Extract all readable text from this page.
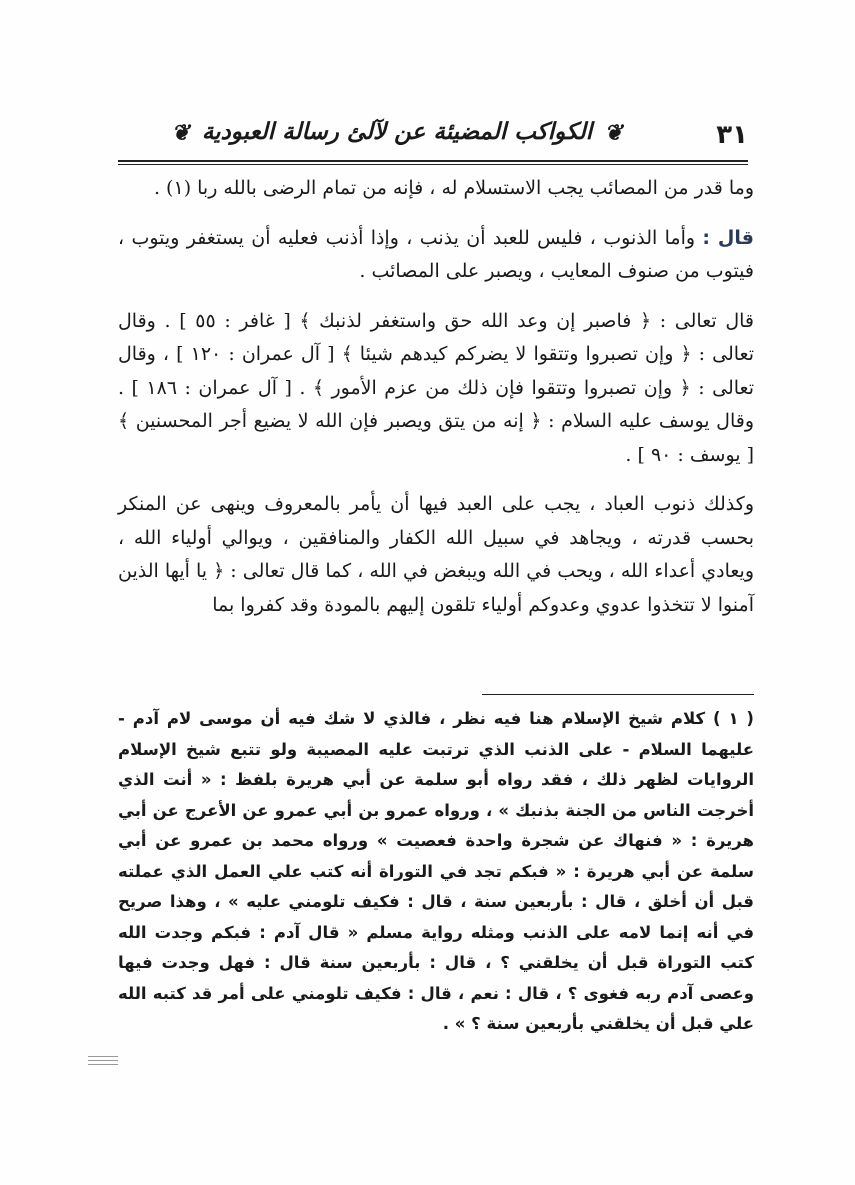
٣١
❦ الكواكب المضيئة عن لآلئ رسالة العبودية ❦

وما قدر من المصائب يجب الاستسلام له ، فإنه من تمام الرضى بالله ربا (١) .

قال : وأما الذنوب ، فليس للعبد أن يذنب ، وإذا أذنب فعليه أن يستغفر ويتوب ، فيتوب من صنوف المعايب ، ويصبر على المصائب .

قال تعالى : ﴿ فاصبر إن وعد الله حق واستغفر لذنبك ﴾ [ غافر : ٥٥ ] . وقال تعالى : ﴿ وإن تصبروا وتتقوا لا يضركم كيدهم شيئا ﴾ [ آل عمران : ١٢٠ ] ، وقال تعالى : ﴿ وإن تصبروا وتتقوا فإن ذلك من عزم الأمور ﴾ . [ آل عمران : ١٨٦ ] . وقال يوسف عليه السلام : ﴿ إنه من يتق ويصبر فإن الله لا يضيع أجر المحسنين ﴾ [ يوسف : ٩٠ ] .

وكذلك ذنوب العباد ، يجب على العبد فيها أن يأمر بالمعروف وينهى عن المنكر بحسب قدرته ، ويجاهد في سبيل الله الكفار والمنافقين ، ويوالي أولياء الله ، ويعادي أعداء الله ، ويحب في الله ويبغض في الله ، كما قال تعالى : ﴿ يا أيها الذين آمنوا لا تتخذوا عدوي وعدوكم أولياء تلقون إليهم بالمودة وقد كفروا بما

( ١ ) كلام شيخ الإسلام هنا فيه نظر ، فالذي لا شك فيه أن موسى لام آدم - عليهما السلام - على الذنب الذي ترتبت عليه المصيبة ولو تتبع شيخ الإسلام الروايات لظهر ذلك ، فقد رواه أبو سلمة عن أبي هريرة بلفظ : « أنت الذي أخرجت الناس من الجنة بذنبك » ، ورواه عمرو بن أبي عمرو عن الأعرج عن أبي هريرة : « فنهاك عن شجرة واحدة فعصيت » ورواه محمد بن عمرو عن أبي سلمة عن أبي هريرة : « فبكم تجد في التوراة أنه كتب علي العمل الذي عملته قبل أن أخلق ، قال : بأربعين سنة ، قال : فكيف تلومني عليه » ، وهذا صريح في أنه إنما لامه على الذنب ومثله رواية مسلم « قال آدم : فبكم وجدت الله كتب التوراة قبل أن يخلقني ؟ ، قال : بأربعين سنة قال : فهل وجدت فيها وعصى آدم ربه فغوى ؟ ، قال : نعم ، قال : فكيف تلومني على أمر قد كتبه الله علي قبل أن يخلقني بأربعين سنة ؟ » .
